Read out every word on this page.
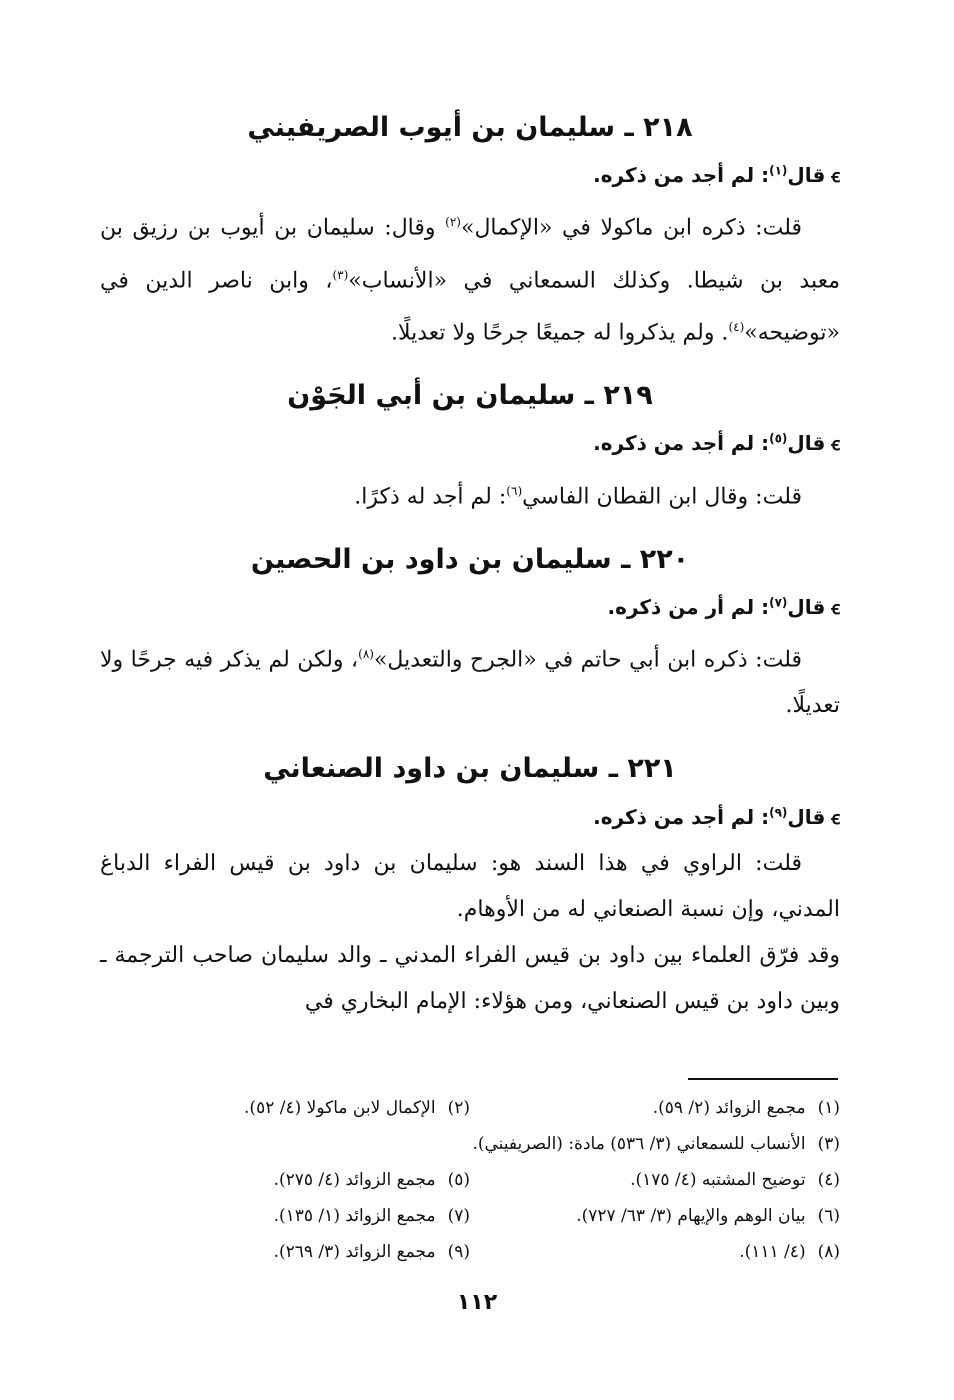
٢١٨ ـ سليمان بن أيوب الصريفيني

ꞓقال$^{(١)}$: لم أجد من ذكره.

قلت: ذكره ابن ماكولا في «الإكمال»$^{(٢)}$ وقال: سليمان بن أيوب بن رزيق بن معبد بن شيطا. وكذلك السمعاني في «الأنساب»$^{(٣)}$، وابن ناصر الدين في «توضيحه»$^{(٤)}$. ولم يذكروا له جميعًا جرحًا ولا تعديلًا.

٢١٩ ـ سليمان بن أبي الجَوْن

ꞓقال$^{(٥)}$: لم أجد من ذكره.

قلت: وقال ابن القطان الفاسي$^{(٦)}$: لم أجد له ذكرًا.

٢٢٠ ـ سليمان بن داود بن الحصين

ꞓقال$^{(٧)}$: لم أر من ذكره.

قلت: ذكره ابن أبي حاتم في «الجرح والتعديل»$^{(٨)}$، ولكن لم يذكر فيه جرحًا ولا تعديلًا.

٢٢١ ـ سليمان بن داود الصنعاني

ꞓقال$^{(٩)}$: لم أجد من ذكره.

قلت: الراوي في هذا السند هو: سليمان بن داود بن قيس الفراء الدباغ المدني، وإن نسبة الصنعاني له من الأوهام.

وقد فرّق العلماء بين داود بن قيس الفراء المدني ـ والد سليمان صاحب الترجمة ـ وبين داود بن قيس الصنعاني، ومن هؤلاء: الإمام البخاري في

(١)مجمع الزوائد (٢/ ٥٩).
(٢)الإكمال لابن ماكولا (٤/ ٥٢).
(٣)الأنساب للسمعاني (٣/ ٥٣٦) مادة: (الصريفيني).
(٤)توضيح المشتبه (٤/ ١٧٥).
(٥)مجمع الزوائد (٤/ ٢٧٥).
(٦)بيان الوهم والإيهام (٣/ ٦٣/ ٧٢٧).
(٧)مجمع الزوائد (١/ ١٣٥).
(٨)(٤/ ١١١).
(٩)مجمع الزوائد (٣/ ٢٦٩).
١١٢
